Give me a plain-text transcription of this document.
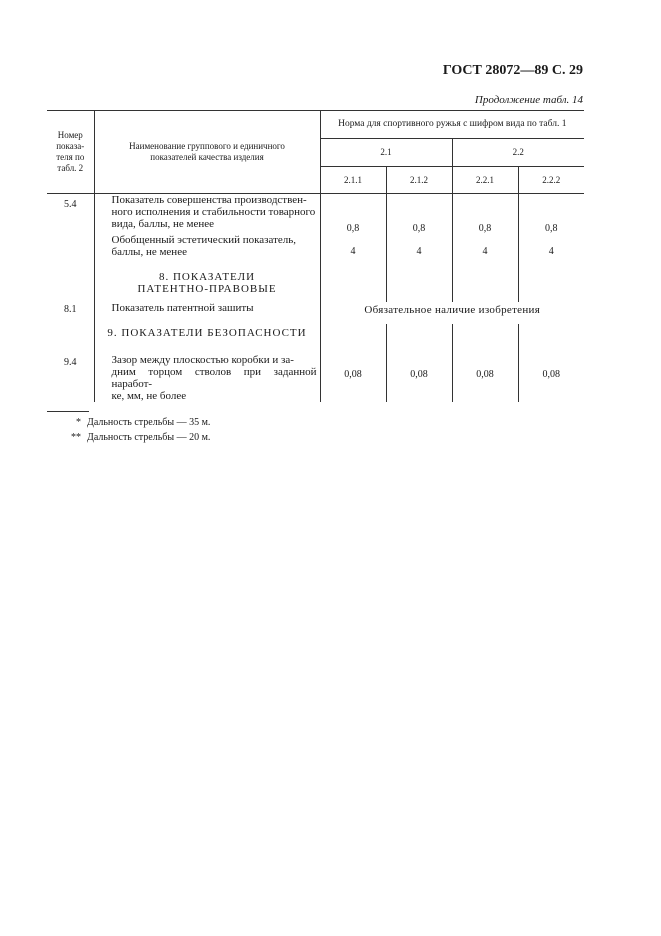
ГОСТ 28072—89 С. 29
Продолжение табл. 14
Номер показа-теля по табл. 2	Наименование группового и единичного показателей качества изделия	Норма для спортивного ружья с шифром вида по табл. 1			
		2.1		2.2	
		2.1.1	2.1.2	2.2.1	2.2.2
5.4	Показатель совершенства производствен-
ного исполнения и стабильности товарного
вида, баллы, не менее	0,8	0,8	0,8	0,8

	Обобщенный эстетический показатель,
баллы, не менее	4	4	4	4

	8. ПОКАЗАТЕЛИ
ПАТЕНТНО-ПРАВОВЫЕ				

8.1	Показатель патентной зашиты	Обязательное наличие изобретения			
	9. ПОКАЗАТЕЛИ БЕЗОПАСНОСТИ				
9.4	Зазор между плоскостью коробки и за-
дним торцом стволов при заданной наработ-
ке, мм, не более	0,08	0,08	0,08	0,08
* Дальность стрельбы — 35 м.
** Дальность стрельбы — 20 м.
